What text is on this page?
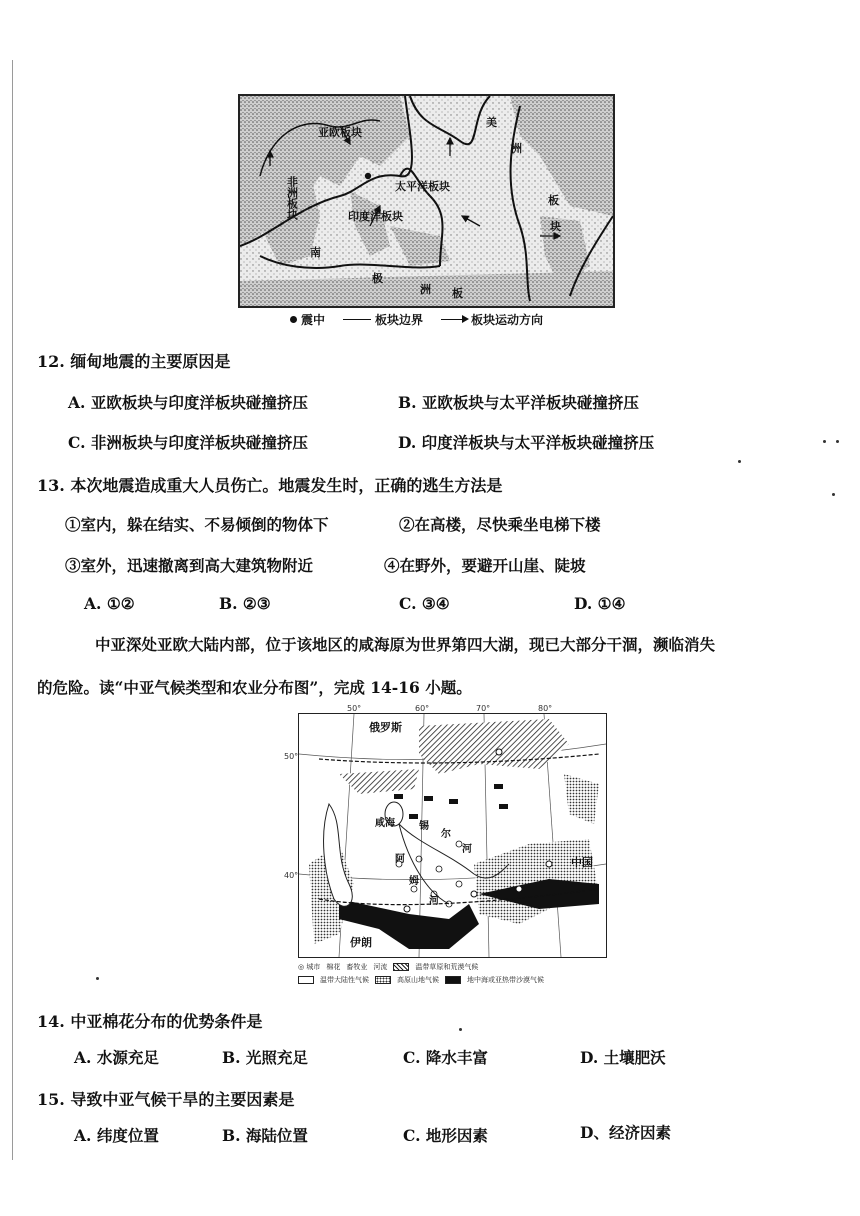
亚欧板块
太平洋板块
印度洋板块
非洲板块
美
洲
板
块
南
极
洲 板
震中	板块边界	板块运动方向
12. 缅甸地震的主要原因是
A. 亚欧板块与印度洋板块碰撞挤压	B. 亚欧板块与太平洋板块碰撞挤压
C. 非洲板块与印度洋板块碰撞挤压	D. 印度洋板块与太平洋板块碰撞挤压
13. 本次地震造成重大人员伤亡。地震发生时，正确的逃生方法是
①室内，躲在结实、不易倾倒的物体下	②在高楼，尽快乘坐电梯下楼
③室外，迅速撤离到高大建筑物附近	④在野外，要避开山崖、陡坡
A. ①②	B. ②③	C. ③④	D. ①④
中亚深处亚欧大陆内部，位于该地区的咸海原为世界第四大湖，现已大部分干涸，濒临消失
的危险。读“中亚气候类型和农业分布图”，完成 14-16 小题。
50°	60°	70°	80°
50°
40°
俄罗斯
中国
伊朗
咸海 锡
尔
河
阿
姆
河
◎ 城市 棉花 畜牧业 河流	温带草原和荒漠气候
温带大陆性气候	高原山地气候	地中海或亚热带沙漠气候
14. 中亚棉花分布的优势条件是
A. 水源充足	B. 光照充足	C. 降水丰富	D. 土壤肥沃
15. 导致中亚气候干旱的主要因素是
A. 纬度位置	B. 海陆位置	C. 地形因素	D、经济因素
